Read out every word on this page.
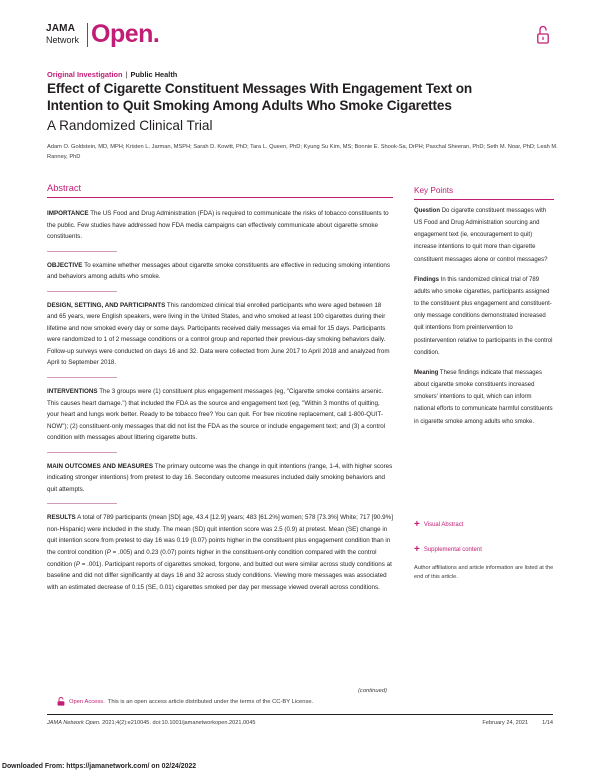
JAMA
Network Open.
Original Investigation | Public Health
Effect of Cigarette Constituent Messages With Engagement Text on Intention to Quit Smoking Among Adults Who Smoke Cigarettes
A Randomized Clinical Trial
Adam O. Goldstein, MD, MPH; Kristen L. Jarman, MSPH; Sarah D. Kowitt, PhD; Tara L. Queen, PhD; Kyung Su Kim, MS; Bonnie E. Shook-Sa, DrPH; Paschal Sheeran, PhD; Seth M. Noar, PhD; Leah M. Ranney, PhD
Abstract
IMPORTANCE The US Food and Drug Administration (FDA) is required to communicate the risks of tobacco constituents to the public. Few studies have addressed how FDA media campaigns can effectively communicate about cigarette smoke constituents.
OBJECTIVE To examine whether messages about cigarette smoke constituents are effective in reducing smoking intentions and behaviors among adults who smoke.
DESIGN, SETTING, AND PARTICIPANTS This randomized clinical trial enrolled participants who were aged between 18 and 65 years, were English speakers, were living in the United States, and who smoked at least 100 cigarettes during their lifetime and now smoked every day or some days. Participants received daily messages via email for 15 days. Participants were randomized to 1 of 2 message conditions or a control group and reported their previous-day smoking behaviors daily. Follow-up surveys were conducted on days 16 and 32. Data were collected from June 2017 to April 2018 and analyzed from April to September 2018.
INTERVENTIONS The 3 groups were (1) constituent plus engagement messages (eg, "Cigarette smoke contains arsenic. This causes heart damage.") that included the FDA as the source and engagement text (eg, "Within 3 months of quitting, your heart and lungs work better. Ready to be tobacco free? You can quit. For free nicotine replacement, call 1-800-QUIT-NOW"); (2) constituent-only messages that did not list the FDA as the source or include engagement text; and (3) a control condition with messages about littering cigarette butts.
MAIN OUTCOMES AND MEASURES The primary outcome was the change in quit intentions (range, 1-4, with higher scores indicating stronger intentions) from pretest to day 16. Secondary outcome measures included daily smoking behaviors and quit attempts.
RESULTS A total of 789 participants (mean [SD] age, 43.4 [12.9] years; 483 [61.2%] women; 578 [73.3%] White; 717 [90.9%] non-Hispanic) were included in the study. The mean (SD) quit intention score was 2.5 (0.9) at pretest. Mean (SE) change in quit intention score from pretest to day 16 was 0.19 (0.07) points higher in the constituent plus engagement condition than in the control condition (P = .005) and 0.23 (0.07) points higher in the constituent-only condition compared with the control condition (P = .001). Participant reports of cigarettes smoked, forgone, and butted out were similar across study conditions at baseline and did not differ significantly at days 16 and 32 across study conditions. Viewing more messages was associated with an estimated decrease of 0.15 (SE, 0.01) cigarettes smoked per day per message viewed overall across conditions.
(continued)
Key Points
Question Do cigarette constituent messages with US Food and Drug Administration sourcing and engagement text (ie, encouragement to quit) increase intentions to quit more than cigarette constituent messages alone or control messages?
Findings In this randomized clinical trial of 789 adults who smoke cigarettes, participants assigned to the constituent plus engagement and constituent-only message conditions demonstrated increased quit intentions from preintervention to postintervention relative to participants in the control condition.
Meaning These findings indicate that messages about cigarette smoke constituents increased smokers' intentions to quit, which can inform national efforts to communicate harmful constituents in cigarette smoke among adults who smoke.
+ Visual Abstract
+ Supplemental content
Author affiliations and article information are listed at the end of this article.
Open Access. This is an open access article distributed under the terms of the CC-BY License.
JAMA Network Open. 2021;4(2):e210045. doi:10.1001/jamanetworkopen.2021.0045	February 24, 2021	1/14
Downloaded From: https://jamanetwork.com/ on 02/24/2022
